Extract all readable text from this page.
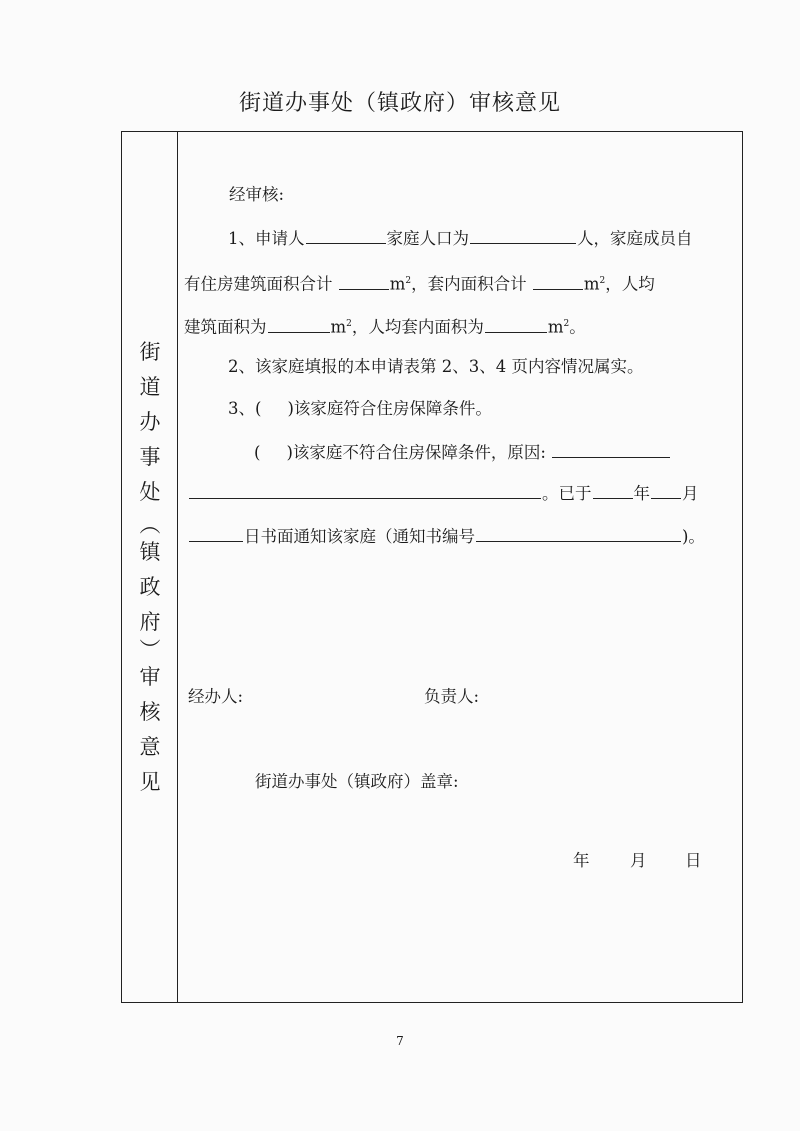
街道办事处（镇政府）审核意见
街
道
办
事
处
︵
镇
政
府
︶
审
核
意
见
经审核:
1、申请人	家庭人口为	人，家庭成员自
有住房建筑面积合计	$m^2$，套内面积合计	$m^2$，人均
建筑面积为	$m^2$，人均套内面积为	$m^2$。
2、该家庭填报的本申请表第 2、3、4 页内容情况属实。
3、( )该家庭符合住房保障条件。
( )该家庭不符合住房保障条件，原因:
。已于	年 月
日书面通知该家庭（通知书编号	)。
经办人:	负责人:
街道办事处（镇政府）盖章:
年 月 日
7
